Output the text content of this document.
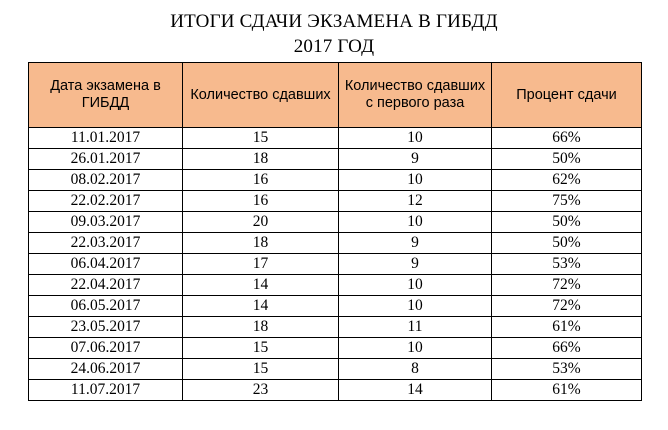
ИТОГИ СДАЧИ ЭКЗАМЕНА В ГИБДД
2017 ГОД
Дата экзамена в ГИБДД	Количество сдавших	Количество сдавших с первого раза	Процент сдачи
11.01.2017	15	10	66%
26.01.2017	18	9	50%
08.02.2017	16	10	62%
22.02.2017	16	12	75%
09.03.2017	20	10	50%
22.03.2017	18	9	50%
06.04.2017	17	9	53%
22.04.2017	14	10	72%
06.05.2017	14	10	72%
23.05.2017	18	11	61%
07.06.2017	15	10	66%
24.06.2017	15	8	53%
11.07.2017	23	14	61%
